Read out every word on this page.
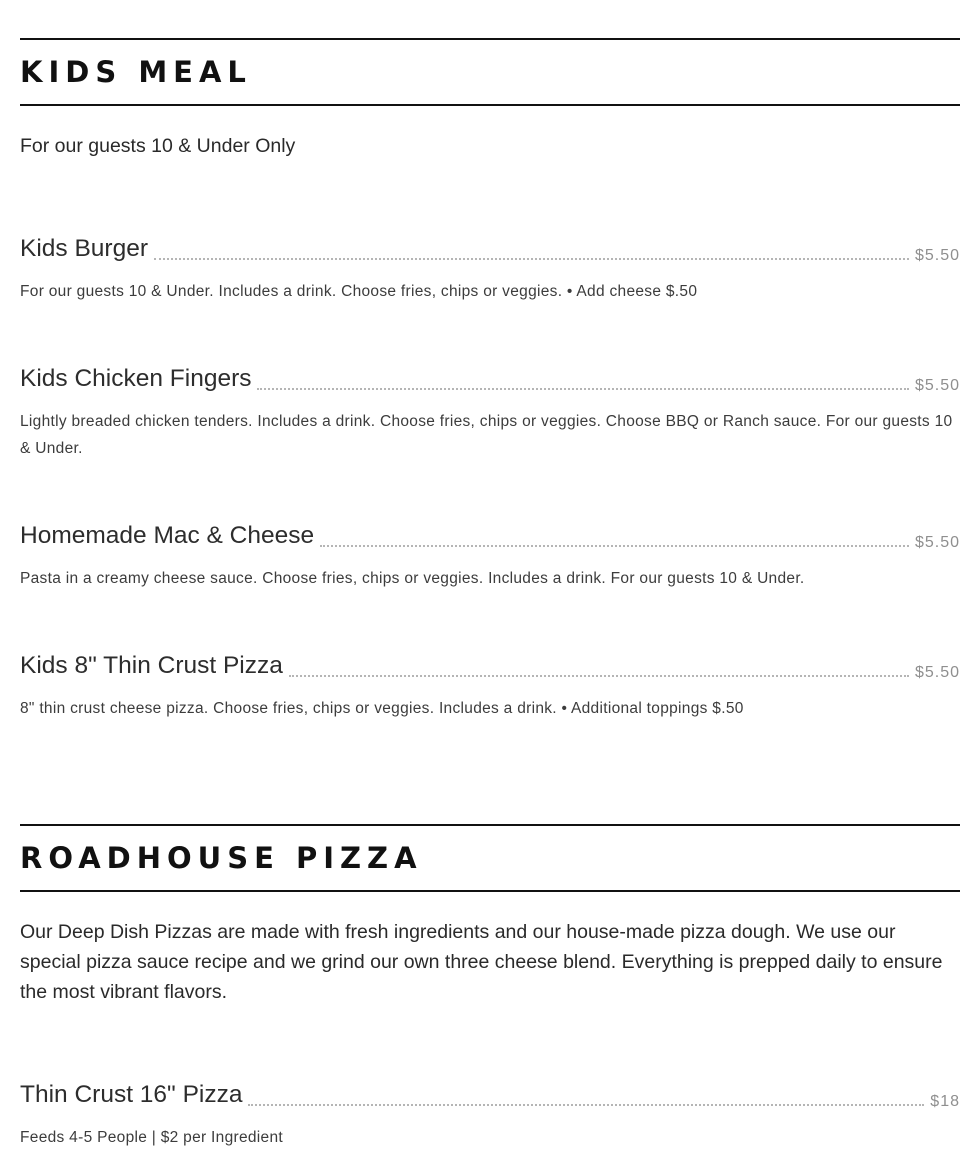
KIDS MEAL

For our guests 10 & Under Only

Kids Burger	$5.50

For our guests 10 & Under. Includes a drink. Choose fries, chips or veggies. • Add cheese $.50

Kids Chicken Fingers	$5.50

Lightly breaded chicken tenders. Includes a drink. Choose fries, chips or veggies. Choose BBQ or Ranch sauce. For our guests 10 & Under.

Homemade Mac & Cheese	$5.50

Pasta in a creamy cheese sauce. Choose fries, chips or veggies. Includes a drink. For our guests 10 & Under.

Kids 8" Thin Crust Pizza	$5.50

8" thin crust cheese pizza. Choose fries, chips or veggies. Includes a drink. • Additional toppings $.50

ROADHOUSE PIZZA

Our Deep Dish Pizzas are made with fresh ingredients and our house-made pizza dough. We use our special pizza sauce recipe and we grind our own three cheese blend. Everything is prepped daily to ensure the most vibrant flavors.

Thin Crust 16" Pizza	$18

Feeds 4-5 People | $2 per Ingredient
